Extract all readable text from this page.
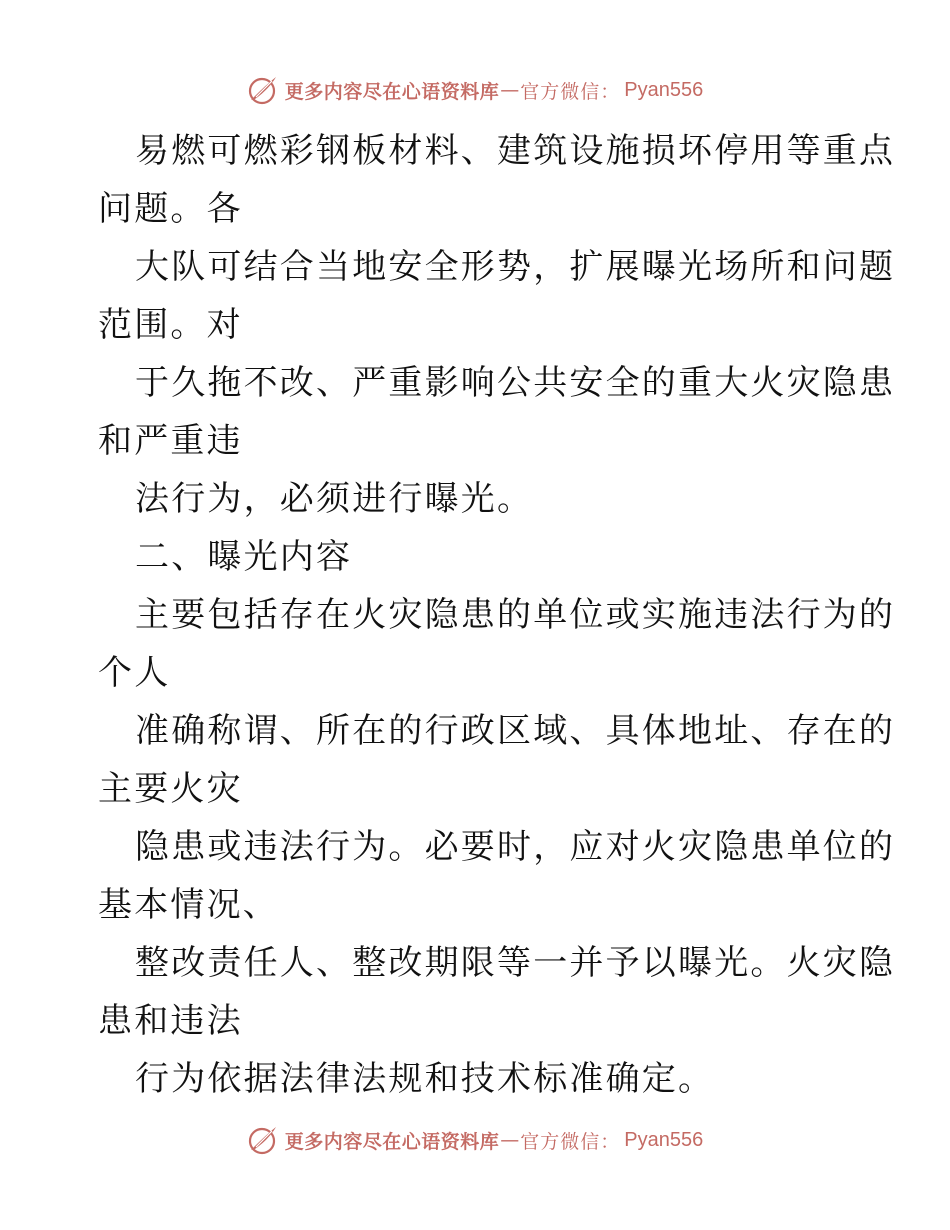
更多内容尽在心语资料库 — 官方微信： Pyan556

易燃可燃彩钢板材料、建筑设施损坏停用等重点
问题。各

大队可结合当地安全形势，扩展曝光场所和问题
范围。对

于久拖不改、严重影响公共安全的重大火灾隐患
和严重违

法行为，必须进行曝光。

二、曝光内容

主要包括存在火灾隐患的单位或实施违法行为的
个人

准确称谓、所在的行政区域、具体地址、存在的
主要火灾

隐患或违法行为。必要时，应对火灾隐患单位的
基本情况、

整改责任人、整改期限等一并予以曝光。火灾隐
患和违法

行为依据法律法规和技术标准确定。

更多内容尽在心语资料库 — 官方微信： Pyan556
